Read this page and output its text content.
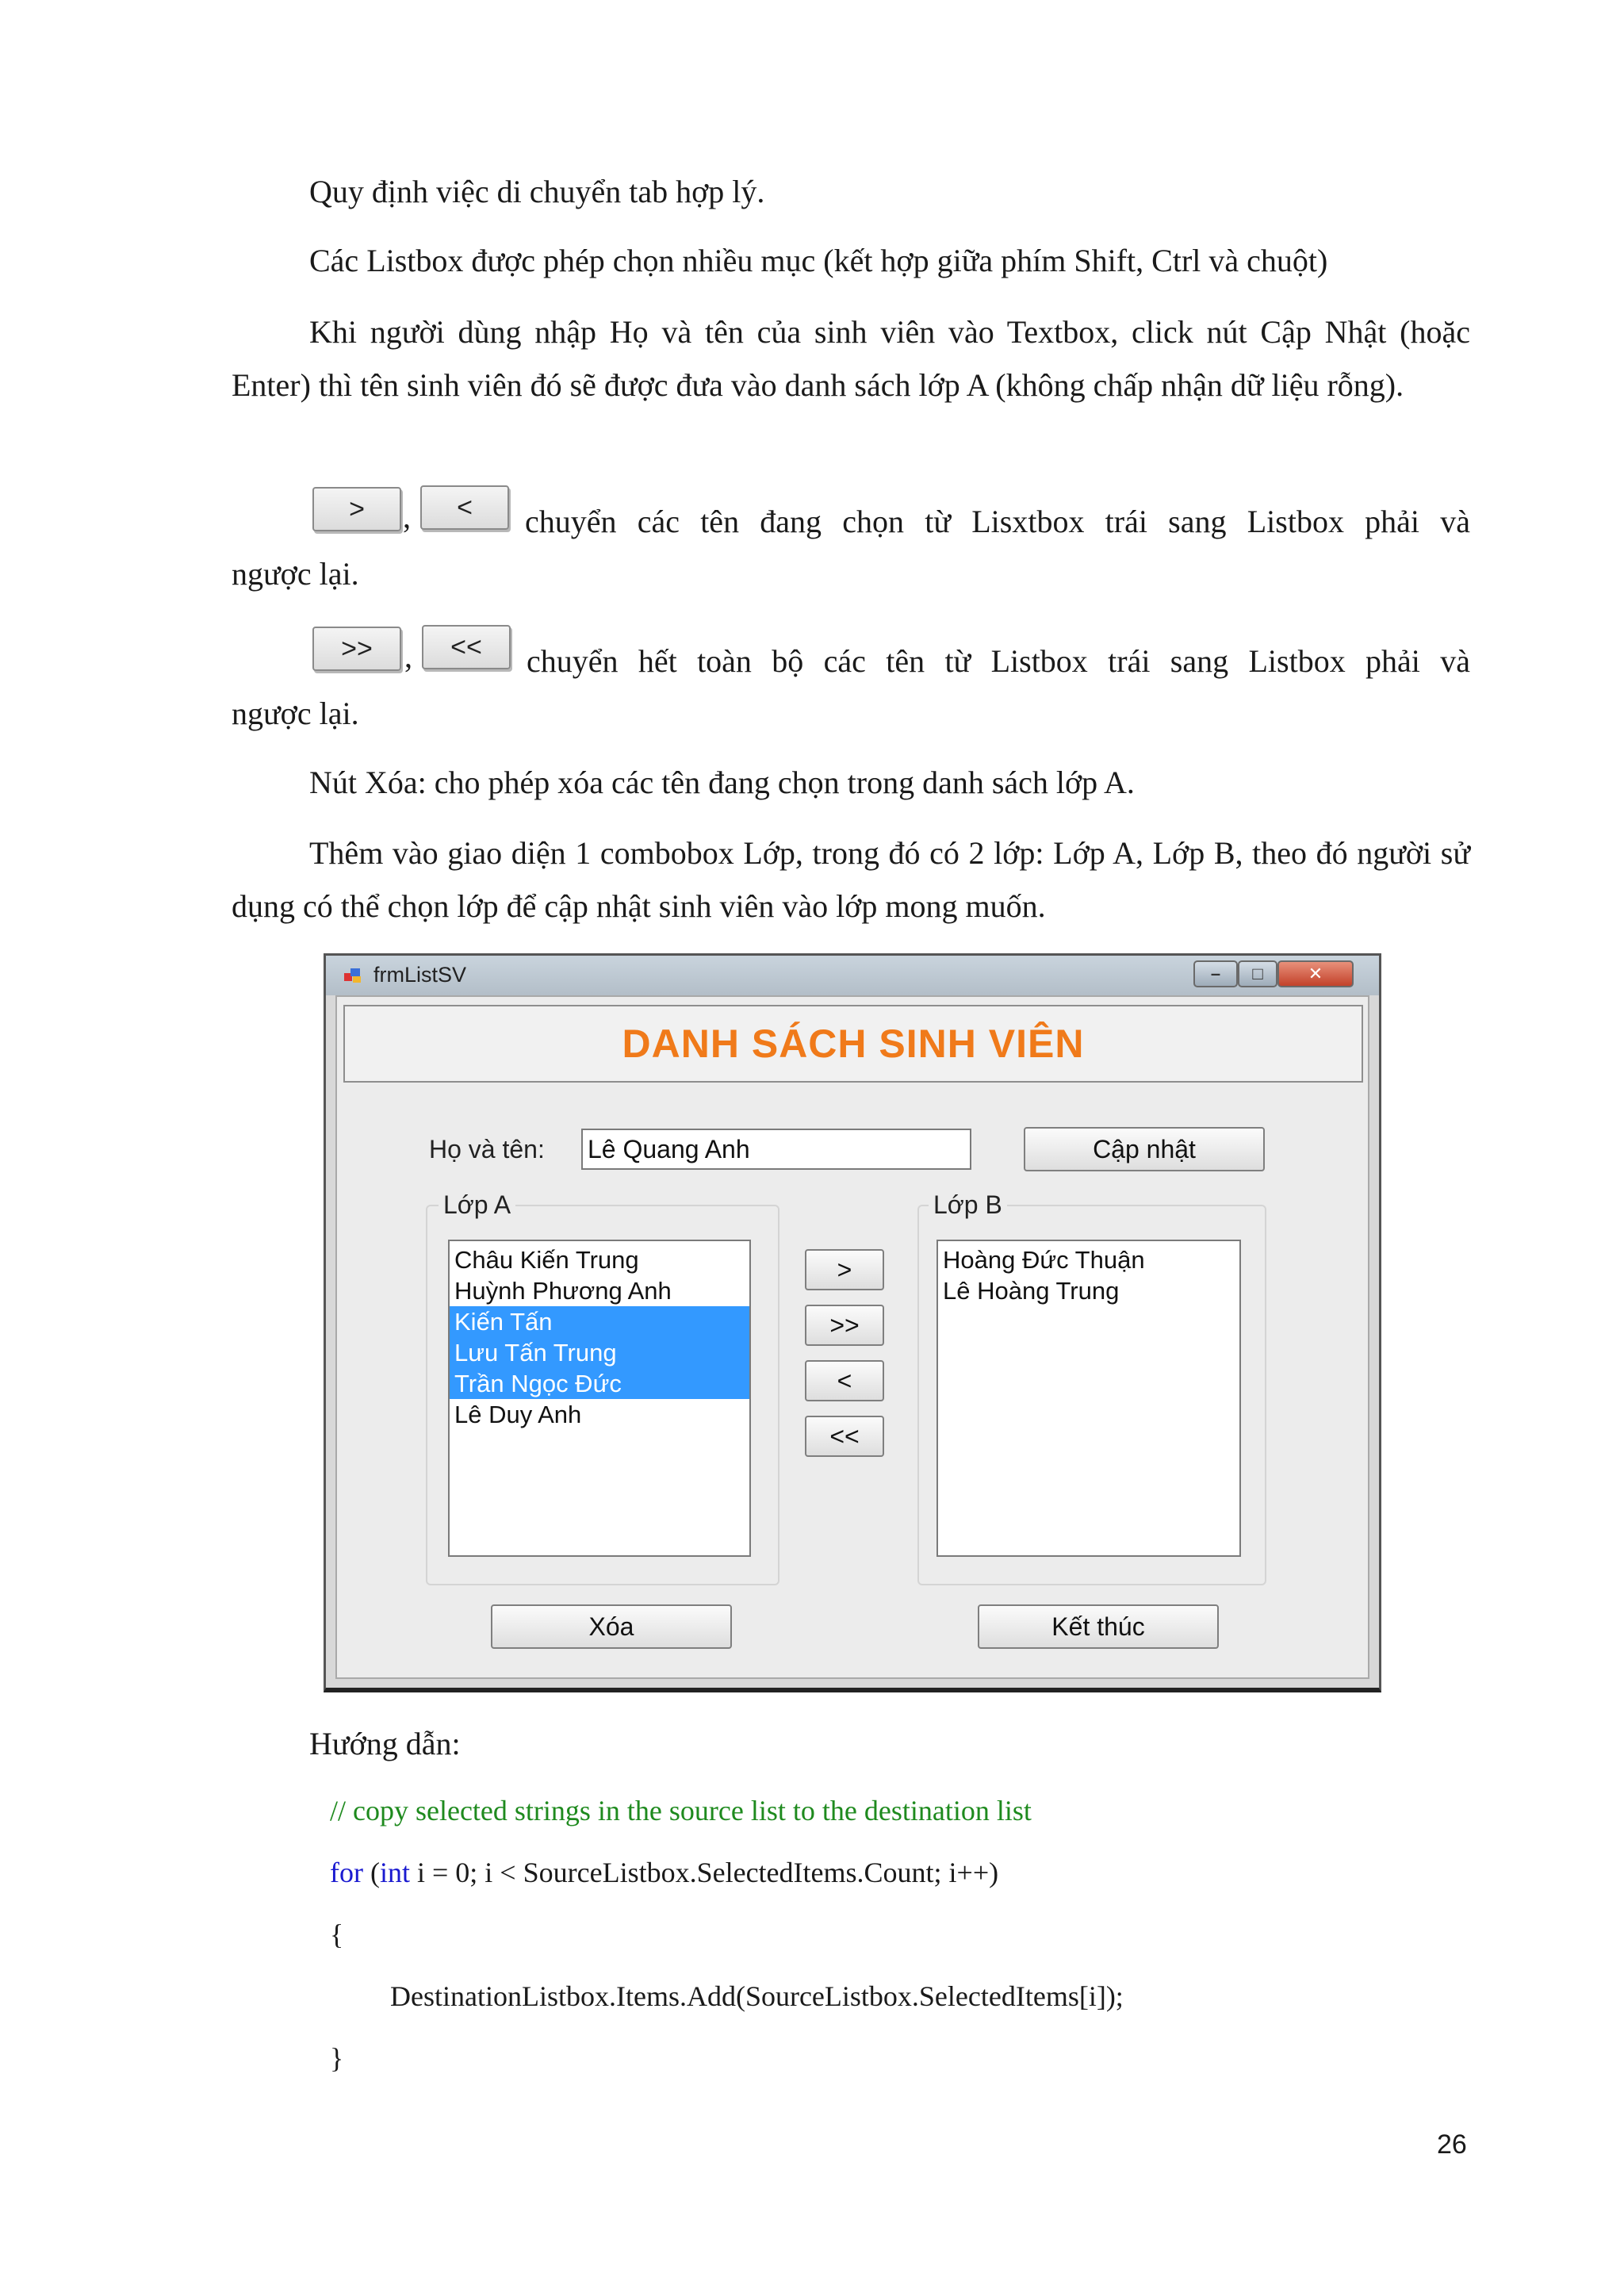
Quy định việc di chuyển tab hợp lý.

Các Listbox được phép chọn nhiều mục (kết hợp giữa phím Shift, Ctrl và chuột)

Khi người dùng nhập Họ và tên của sinh viên vào Textbox, click nút Cập Nhật (hoặc Enter) thì tên sinh viên đó sẽ được đưa vào danh sách lớp A (không chấp nhận dữ liệu rỗng).

>	,	<	chuyển các tên đang chọn từ Lisxtbox trái sang Listbox phải và

ngược lại.

>>	,	<<	chuyển hết toàn bộ các tên từ Listbox trái sang Listbox phải và

ngược lại.

Nút Xóa: cho phép xóa các tên đang chọn trong danh sách lớp A.

Thêm vào giao diện 1 combobox Lớp, trong đó có 2 lớp: Lớp A, Lớp B, theo đó người sử dụng có thể chọn lớp để cập nhật sinh viên vào lớp mong muốn.

frmListSV	–	□	✕
DANH SÁCH SINH VIÊN
Họ và tên: Lê Quang Anh	Cập nhật
Lớp A
Châu Kiến Trung
Huỳnh Phương Anh
Kiến Tấn
Lưu Tấn Trung
Trần Ngọc Đức
Lê Duy Anh
>
>>
<
<<
Lớp B
Hoàng Đức Thuận
Lê Hoàng Trung
Xóa	Kết thúc

Hướng dẫn:

// copy selected strings in the source list to the destination list
for (int i = 0; i < SourceListbox.SelectedItems.Count; i++)
{
DestinationListbox.Items.Add(SourceListbox.SelectedItems[i]);
}
26
